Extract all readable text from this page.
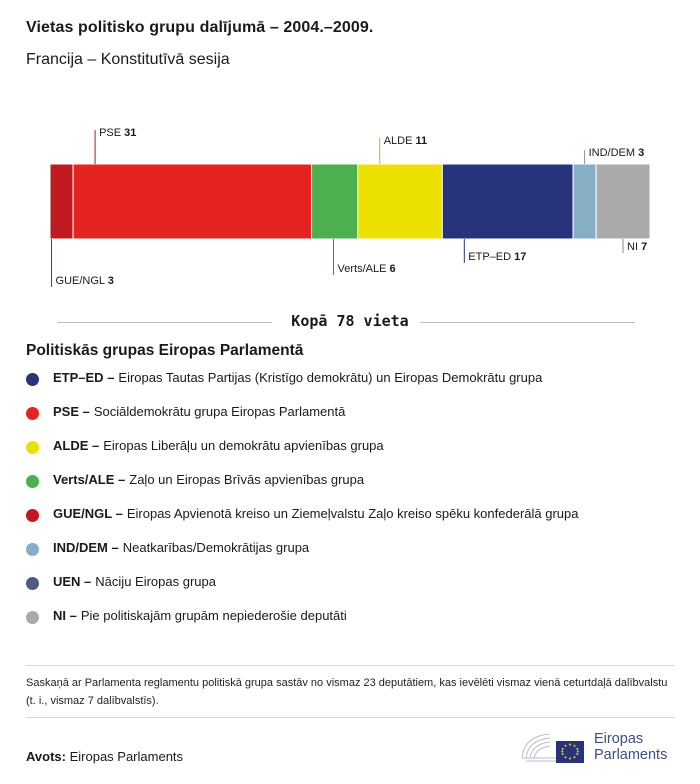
Vietas politisko grupu dalījumā – 2004.–2009.
Francija – Konstitutīvā sesija
GUE/NGL 3
PSE 31
Verts/ALE 6
ALDE 11
ETP–ED 17
IND/DEM 3
NI 7
Kopā 78 vieta
Politiskās grupas Eiropas Parlamentā
ETP–ED – Eiropas Tautas Partijas (Kristīgo demokrātu) un Eiropas Demokrātu grupa
PSE – Sociāldemokrātu grupa Eiropas Parlamentā
ALDE – Eiropas Liberāļu un demokrātu apvienības grupa
Verts/ALE – Zaļo un Eiropas Brīvās apvienības grupa
GUE/NGL – Eiropas Apvienotā kreiso un Ziemeļvalstu Zaļo kreiso spēku konfederālā grupa
IND/DEM – Neatkarības/Demokrātijas grupa
UEN – Nāciju Eiropas grupa
NI – Pie politiskajām grupām nepiederošie deputāti
Saskaņā ar Parlamenta reglamentu politiskā grupa sastāv no vismaz 23 deputātiem, kas ievēlēti vismaz vienā ceturtdaļā dalībvalstu (t. i., vismaz 7 dalībvalstīs).
Avots: Eiropas Parlaments
Eiropas
Parlaments
